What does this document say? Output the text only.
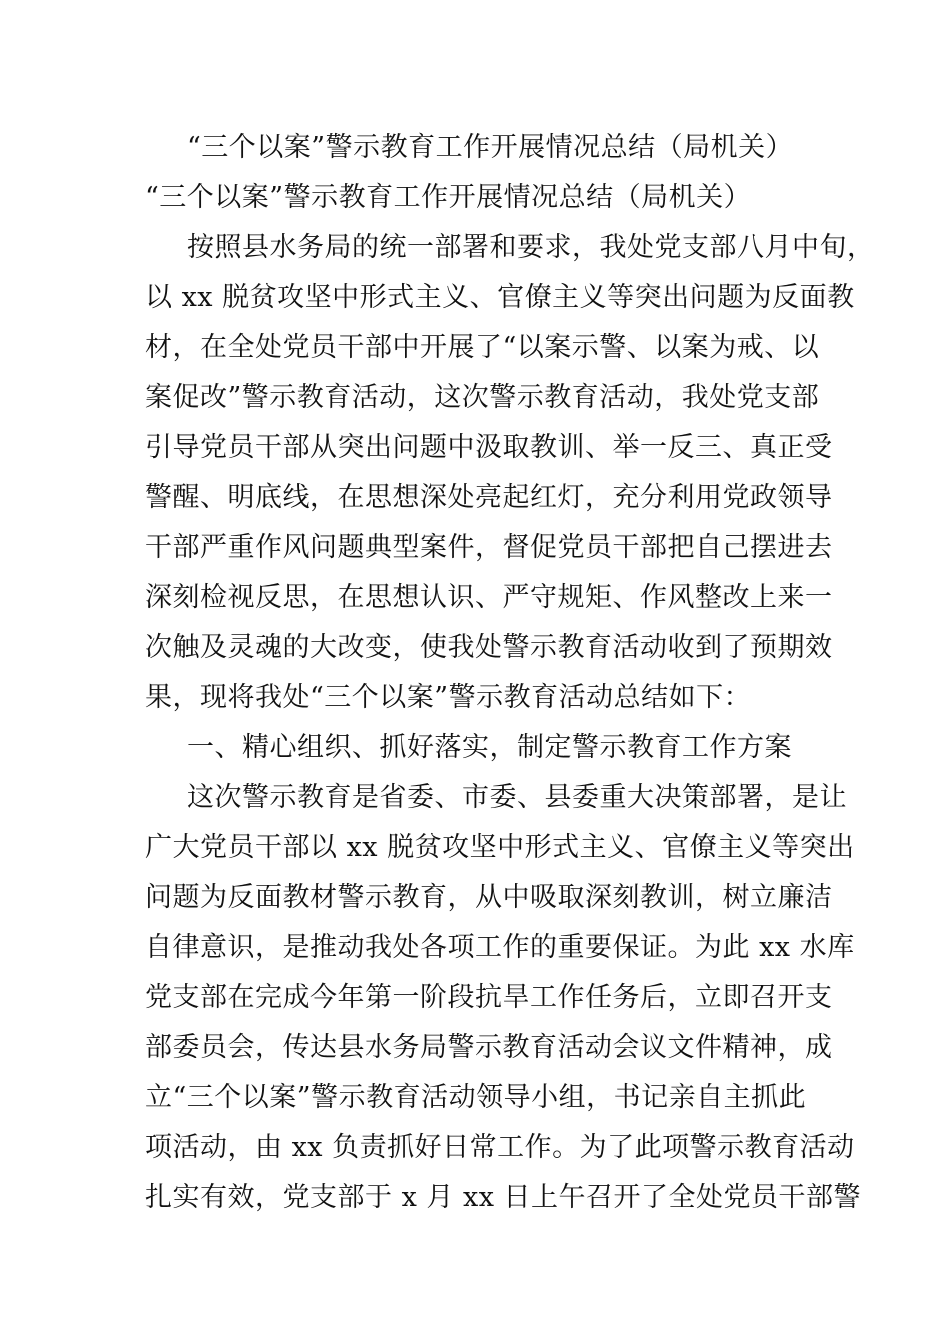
“三个以案”警示教育工作开展情况总结（局机关）
“三个以案”警示教育工作开展情况总结（局机关）
按照县水务局的统一部署和要求，我处党支部八月中旬，
以 xx 脱贫攻坚中形式主义、官僚主义等突出问题为反面教
材，在全处党员干部中开展了“以案示警、以案为戒、以
案促改”警示教育活动，这次警示教育活动，我处党支部
引导党员干部从突出问题中汲取教训、举一反三、真正受
警醒、明底线，在思想深处亮起红灯，充分利用党政领导
干部严重作风问题典型案件，督促党员干部把自己摆进去
深刻检视反思，在思想认识、严守规矩、作风整改上来一
次触及灵魂的大改变，使我处警示教育活动收到了预期效
果，现将我处“三个以案”警示教育活动总结如下：
一、精心组织、抓好落实，制定警示教育工作方案
这次警示教育是省委、市委、县委重大决策部署，是让
广大党员干部以 xx 脱贫攻坚中形式主义、官僚主义等突出
问题为反面教材警示教育，从中吸取深刻教训，树立廉洁
自律意识，是推动我处各项工作的重要保证。为此 xx 水库
党支部在完成今年第一阶段抗旱工作任务后，立即召开支
部委员会，传达县水务局警示教育活动会议文件精神，成
立“三个以案”警示教育活动领导小组，书记亲自主抓此
项活动，由 xx 负责抓好日常工作。为了此项警示教育活动
扎实有效，党支部于 x 月 xx 日上午召开了全处党员干部警
